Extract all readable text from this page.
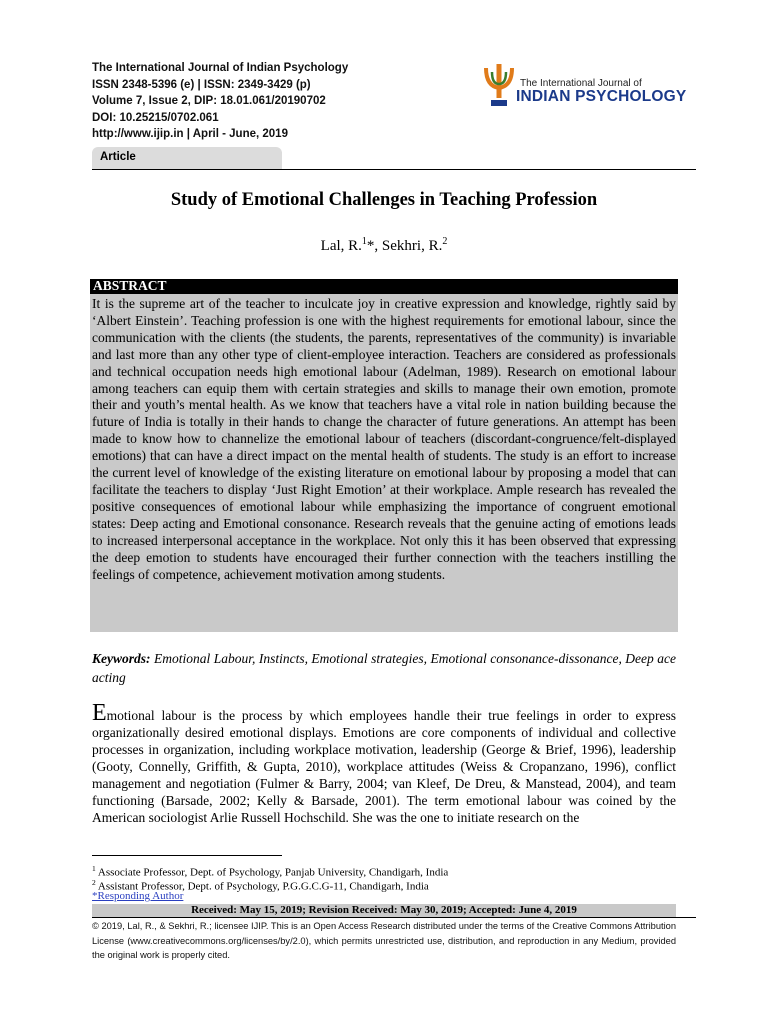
The International Journal of Indian Psychology
ISSN 2348-5396 (e) | ISSN: 2349-3429 (p)
Volume 7, Issue 2, DIP: 18.01.061/20190702
DOI: 10.25215/0702.061
http://www.ijip.in | April - June, 2019
The International Journal of
INDIAN PSYCHOLOGY
Article
Study of Emotional Challenges in Teaching Profession
Lal, R.$^1$*, Sekhri, R.$^2$
ABSTRACT
It is the supreme art of the teacher to inculcate joy in creative expression and knowledge, rightly said by ‘Albert Einstein’. Teaching profession is one with the highest requirements for emotional labour, since the communication with the clients (the students, the parents, representatives of the community) is invariable and last more than any other type of client-employee interaction. Teachers are considered as professionals and technical occupation needs high emotional labour (Adelman, 1989). Research on emotional labour among teachers can equip them with certain strategies and skills to manage their own emotion, promote their and youth’s mental health. As we know that teachers have a vital role in nation building because the future of India is totally in their hands to change the character of future generations. An attempt has been made to know how to channelize the emotional labour of teachers (discordant-congruence/felt-displayed emotions) that can have a direct impact on the mental health of students. The study is an effort to increase the current level of knowledge of the existing literature on emotional labour by proposing a model that can facilitate the teachers to display ‘Just Right Emotion’ at their workplace. Ample research has revealed the positive consequences of emotional labour while emphasizing the importance of congruent emotional states: Deep acting and Emotional consonance. Research reveals that the genuine acting of emotions leads to increased interpersonal acceptance in the workplace. Not only this it has been observed that expressing the deep emotion to students have encouraged their further connection with the teachers instilling the feelings of competence, achievement motivation among students.
Keywords: Emotional Labour, Instincts, Emotional strategies, Emotional consonance-dissonance, Deep ace acting
Emotional labour is the process by which employees handle their true feelings in order to express organizationally desired emotional displays. Emotions are core components of individual and collective processes in organization, including workplace motivation, leadership (George & Brief, 1996), leadership (Gooty, Connelly, Griffith, & Gupta, 2010), workplace attitudes (Weiss & Cropanzano, 1996), conflict management and negotiation (Fulmer & Barry, 2004; van Kleef, De Dreu, & Manstead, 2004), and team functioning (Barsade, 2002; Kelly & Barsade, 2001). The term emotional labour was coined by the American sociologist Arlie Russell Hochschild. She was the one to initiate research on the
$^1$ Associate Professor, Dept. of Psychology, Panjab University, Chandigarh, India
$^2$ Assistant Professor, Dept. of Psychology, P.G.G.C.G-11, Chandigarh, India
*Responding Author
Received: May 15, 2019; Revision Received: May 30, 2019; Accepted: June 4, 2019
© 2019, Lal, R., & Sekhri, R.; licensee IJIP. This is an Open Access Research distributed under the terms of the Creative Commons Attribution License (www.creativecommons.org/licenses/by/2.0), which permits unrestricted use, distribution, and reproduction in any Medium, provided the original work is properly cited.
